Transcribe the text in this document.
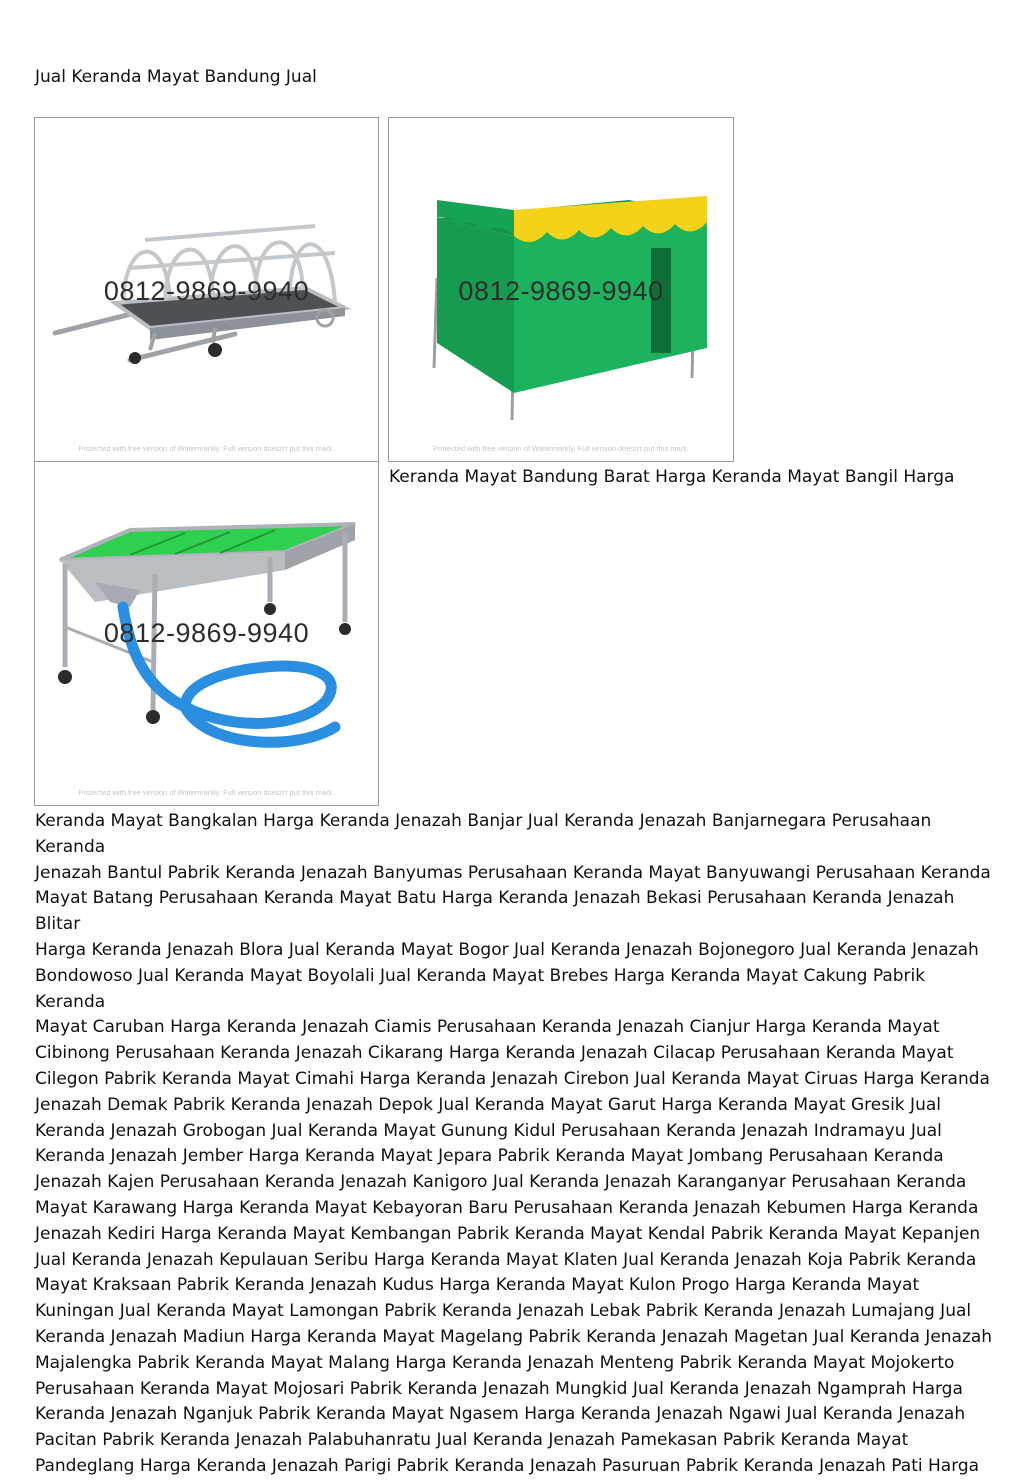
Jual Keranda Mayat Bandung Jual
0812-9869-9940
Protected with free version of Watermarkly. Full version doesn't put this mark.
0812-9869-9940
Protected with free version of Watermarkly. Full version doesn't put this mark.
0812-9869-9940
Protected with free version of Watermarkly. Full version doesn't put this mark.
Keranda Mayat Bandung Barat Harga Keranda Mayat Bangil Harga

Keranda Mayat Bangkalan Harga Keranda Jenazah Banjar Jual Keranda Jenazah Banjarnegara Perusahaan Keranda
Jenazah Bantul Pabrik Keranda Jenazah Banyumas Perusahaan Keranda Mayat Banyuwangi Perusahaan Keranda
Mayat Batang Perusahaan Keranda Mayat Batu Harga Keranda Jenazah Bekasi Perusahaan Keranda Jenazah Blitar
Harga Keranda Jenazah Blora Jual Keranda Mayat Bogor Jual Keranda Jenazah Bojonegoro Jual Keranda Jenazah
Bondowoso Jual Keranda Mayat Boyolali Jual Keranda Mayat Brebes Harga Keranda Mayat Cakung Pabrik Keranda
Mayat Caruban Harga Keranda Jenazah Ciamis Perusahaan Keranda Jenazah Cianjur Harga Keranda Mayat
Cibinong Perusahaan Keranda Jenazah Cikarang Harga Keranda Jenazah Cilacap Perusahaan Keranda Mayat
Cilegon Pabrik Keranda Mayat Cimahi Harga Keranda Jenazah Cirebon Jual Keranda Mayat Ciruas Harga Keranda
Jenazah Demak Pabrik Keranda Jenazah Depok Jual Keranda Mayat Garut Harga Keranda Mayat Gresik Jual
Keranda Jenazah Grobogan Jual Keranda Mayat Gunung Kidul Perusahaan Keranda Jenazah Indramayu Jual
Keranda Jenazah Jember Harga Keranda Mayat Jepara Pabrik Keranda Mayat Jombang Perusahaan Keranda
Jenazah Kajen Perusahaan Keranda Jenazah Kanigoro Jual Keranda Jenazah Karanganyar Perusahaan Keranda
Mayat Karawang Harga Keranda Mayat Kebayoran Baru Perusahaan Keranda Jenazah Kebumen Harga Keranda
Jenazah Kediri Harga Keranda Mayat Kembangan Pabrik Keranda Mayat Kendal Pabrik Keranda Mayat Kepanjen
Jual Keranda Jenazah Kepulauan Seribu Harga Keranda Mayat Klaten Jual Keranda Jenazah Koja Pabrik Keranda
Mayat Kraksaan Pabrik Keranda Jenazah Kudus Harga Keranda Mayat Kulon Progo Harga Keranda Mayat
Kuningan Jual Keranda Mayat Lamongan Pabrik Keranda Jenazah Lebak Pabrik Keranda Jenazah Lumajang Jual
Keranda Jenazah Madiun Harga Keranda Mayat Magelang Pabrik Keranda Jenazah Magetan Jual Keranda Jenazah
Majalengka Pabrik Keranda Mayat Malang Harga Keranda Jenazah Menteng Pabrik Keranda Mayat Mojokerto
Perusahaan Keranda Mayat Mojosari Pabrik Keranda Jenazah Mungkid Jual Keranda Jenazah Ngamprah Harga
Keranda Jenazah Nganjuk Pabrik Keranda Mayat Ngasem Harga Keranda Jenazah Ngawi Jual Keranda Jenazah
Pacitan Pabrik Keranda Jenazah Palabuhanratu Jual Keranda Jenazah Pamekasan Pabrik Keranda Mayat
Pandeglang Harga Keranda Jenazah Parigi Pabrik Keranda Jenazah Pasuruan Pabrik Keranda Jenazah Pati Harga
